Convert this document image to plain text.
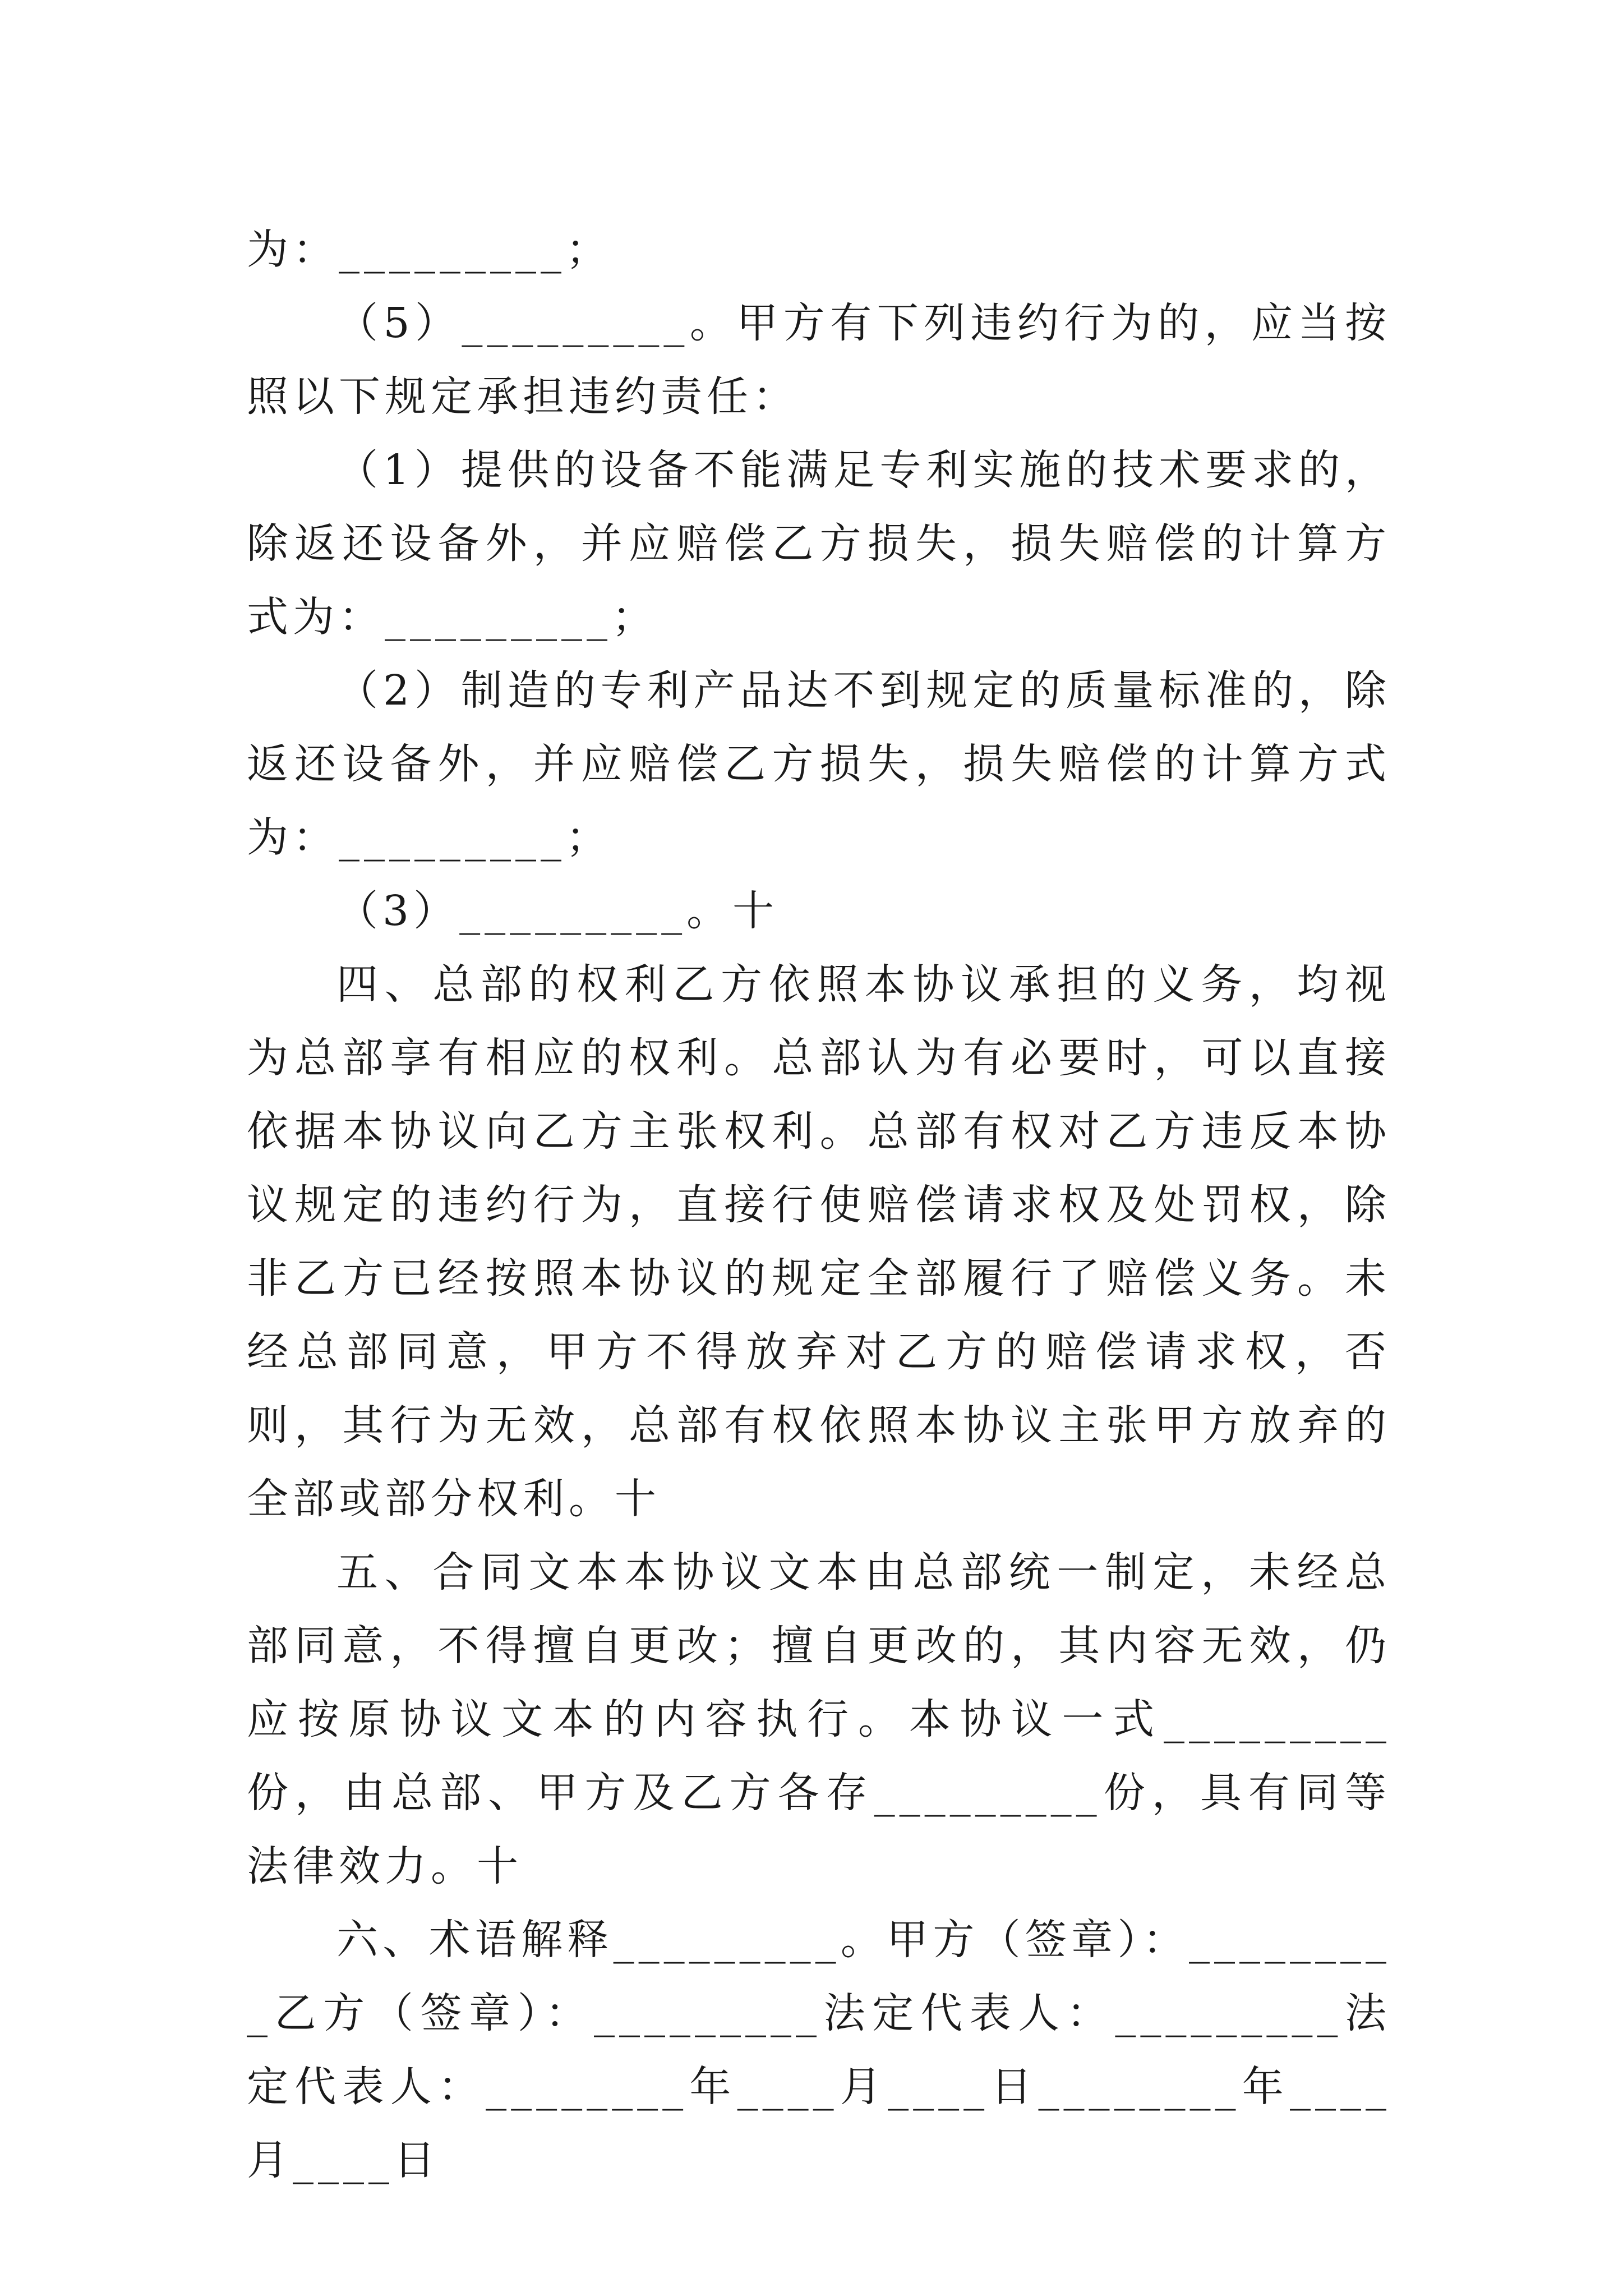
为：_________；

（5）_________。甲方有下列违约行为的，应当按照以下规定承担违约责任：

（1）提供的设备不能满足专利实施的技术要求的，除返还设备外，并应赔偿乙方损失，损失赔偿的计算方式为：_________；

（2）制造的专利产品达不到规定的质量标准的，除返还设备外，并应赔偿乙方损失，损失赔偿的计算方式为：_________；

（3）_________。十

四、总部的权利乙方依照本协议承担的义务，均视为总部享有相应的权利。总部认为有必要时，可以直接依据本协议向乙方主张权利。总部有权对乙方违反本协议规定的违约行为，直接行使赔偿请求权及处罚权，除非乙方已经按照本协议的规定全部履行了赔偿义务。未经总部同意，甲方不得放弃对乙方的赔偿请求权，否则，其行为无效，总部有权依照本协议主张甲方放弃的全部或部分权利。十

五、合同文本本协议文本由总部统一制定，未经总部同意，不得擅自更改；擅自更改的，其内容无效，仍应按原协议文本的内容执行。本协议一式_________份，由总部、甲方及乙方各存_________份，具有同等法律效力。十

六、术语解释_________。甲方（签章）：_________乙方（签章）：_________法定代表人：_________法定代表人：________年____月____日________年____月____日
